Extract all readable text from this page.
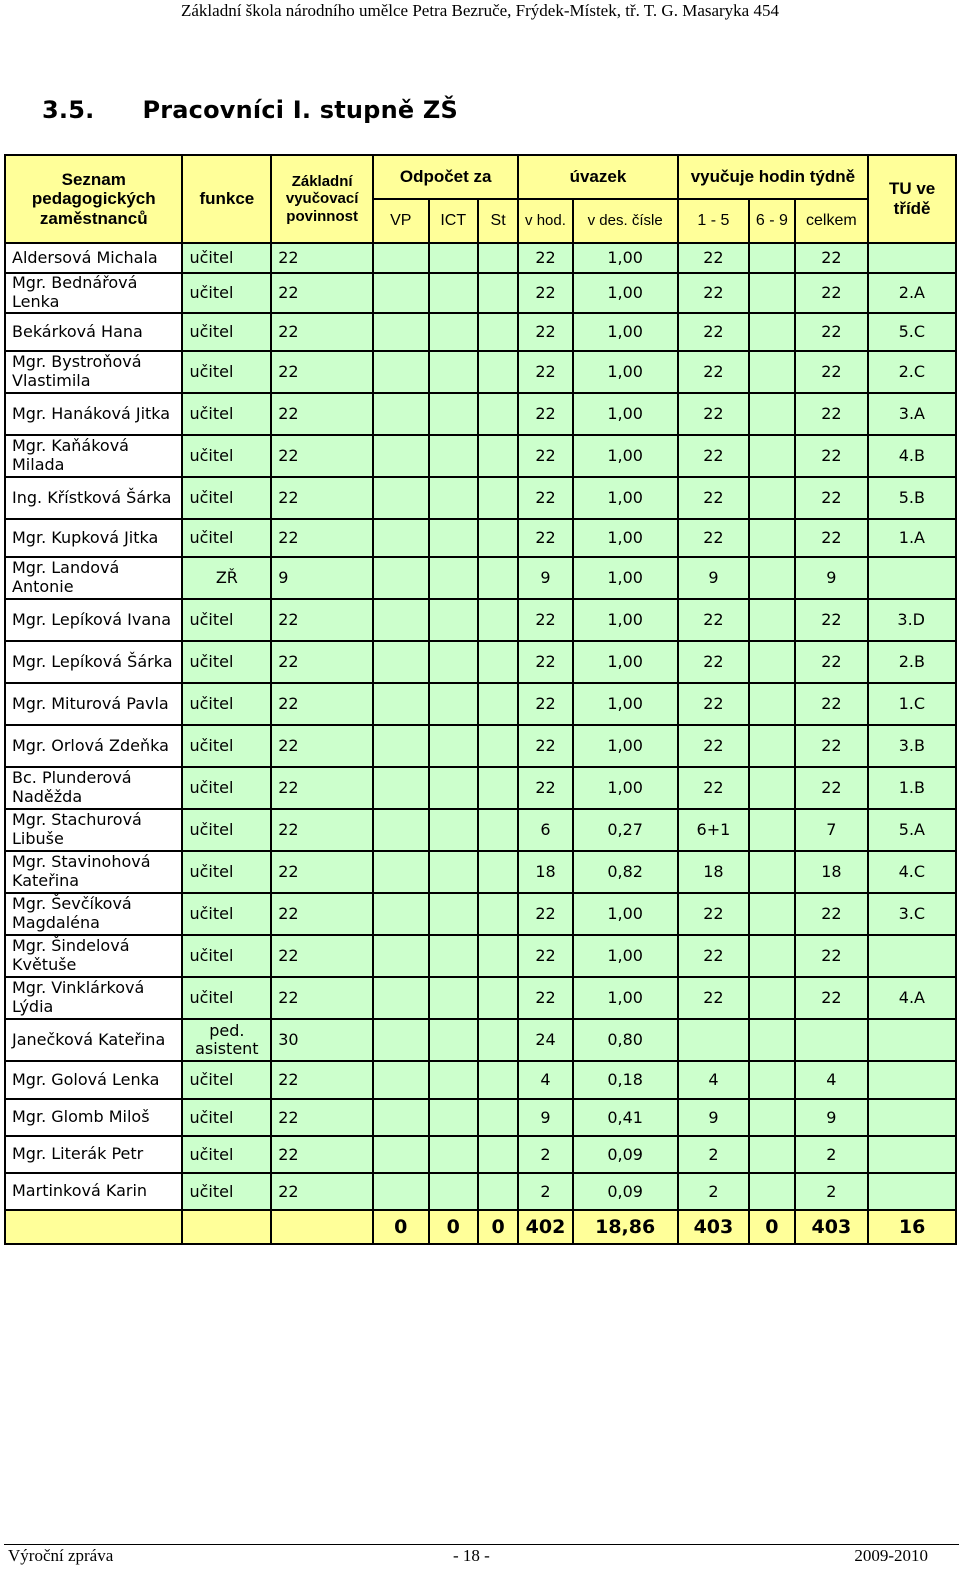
Základní škola národního umělce Petra Bezruče, Frýdek-Místek, tř. T. G. Masaryka 454
3.5. Pracovníci I. stupně ZŠ
Seznam pedagogických zaměstnanců	funkce	Základní vyučovací povinnost	Odpočet za			úvazek		vyučuje hodin týdně			TU ve třídě
			VP	ICT	St	v hod.	v des. čísle	1 - 5	6 - 9	celkem	
Aldersová Michala	učitel	22				22	1,00	22		22	
Mgr. Bednářová Lenka	učitel	22				22	1,00	22		22	2.A
Bekárková Hana	učitel	22				22	1,00	22		22	5.C
Mgr. Bystroňová Vlastimila	učitel	22				22	1,00	22		22	2.C
Mgr. Hanáková Jitka	učitel	22				22	1,00	22		22	3.A
Mgr. Kaňáková Milada	učitel	22				22	1,00	22		22	4.B
Ing. Křístková Šárka	učitel	22				22	1,00	22		22	5.B
Mgr. Kupková Jitka	učitel	22				22	1,00	22		22	1.A
Mgr. Landová Antonie	ZŘ	9				9	1,00	9		9	
Mgr. Lepíková Ivana	učitel	22				22	1,00	22		22	3.D
Mgr. Lepíková Šárka	učitel	22				22	1,00	22		22	2.B
Mgr. Miturová Pavla	učitel	22				22	1,00	22		22	1.C
Mgr. Orlová Zdeňka	učitel	22				22	1,00	22		22	3.B
Bc. Plunderová Naděžda	učitel	22				22	1,00	22		22	1.B
Mgr. Stachurová Libuše	učitel	22				6	0,27	6+1		7	5.A
Mgr. Stavinohová Kateřina	učitel	22				18	0,82	18		18	4.C
Mgr. Ševčíková Magdaléna	učitel	22				22	1,00	22		22	3.C
Mgr. Šindelová Květuše	učitel	22				22	1,00	22		22	
Mgr. Vinklárková Lýdia	učitel	22				22	1,00	22		22	4.A
Janečková Kateřina	ped. asistent	30				24	0,80				
Mgr. Golová Lenka	učitel	22				4	0,18	4		4	
Mgr. Glomb Miloš	učitel	22				9	0,41	9		9	
Mgr. Literák Petr	učitel	22				2	0,09	2		2	
Martinková Karin	učitel	22				2	0,09	2		2	
			0	0	0	402	18,86	403	0	403	16
Výroční zpráva	- 18 -	2009-2010
